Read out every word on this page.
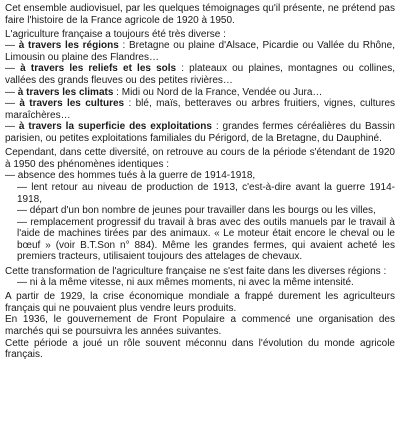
Cet ensemble audiovisuel, par les quelques témoignages qu'il présente, ne prétend pas faire l'histoire de la France agricole de 1920 à 1950.

L'agriculture française a toujours été très diverse :

— à travers les régions : Bretagne ou plaine d'Alsace, Picardie ou Vallée du Rhône, Limousin ou plaine des Flandres…

— à travers les reliefs et les sols : plateaux ou plaines, montagnes ou collines, vallées des grands fleuves ou des petites rivières…

— à travers les climats : Midi ou Nord de la France, Vendée ou Jura…

— à travers les cultures : blé, maïs, betteraves ou arbres fruitiers, vignes, cultures maraîchères…

— à travers la superficie des exploitations : grandes fermes céréalières du Bassin parisien, ou petites exploitations familiales du Périgord, de la Bretagne, du Dauphiné.

Cependant, dans cette diversité, on retrouve au cours de la période s'étendant de 1920 à 1950 des phénomènes identiques :

— absence des hommes tués à la guerre de 1914-1918,

— lent retour au niveau de production de 1913, c'est-à-dire avant la guerre 1914-1918,

— départ d'un bon nombre de jeunes pour travailler dans les bourgs ou les villes,

— remplacement progressif du travail à bras avec des outils manuels par le travail à l'aide de machines tirées par des animaux. « Le moteur était encore le cheval ou le bœuf » (voir B.T.Son n° 884). Même les grandes fermes, qui avaient acheté les premiers tracteurs, utilisaient toujours des attelages de chevaux.

Cette transformation de l'agriculture française ne s'est faite dans les diverses régions :

— ni à la même vitesse, ni aux mêmes moments, ni avec la même intensité.

A partir de 1929, la crise économique mondiale a frappé durement les agriculteurs français qui ne pouvaient plus vendre leurs produits.

En 1936, le gouvernement de Front Populaire a commencé une organisation des marchés qui se poursuivra les années suivantes.

Cette période a joué un rôle souvent méconnu dans l'évolution du monde agricole français.
